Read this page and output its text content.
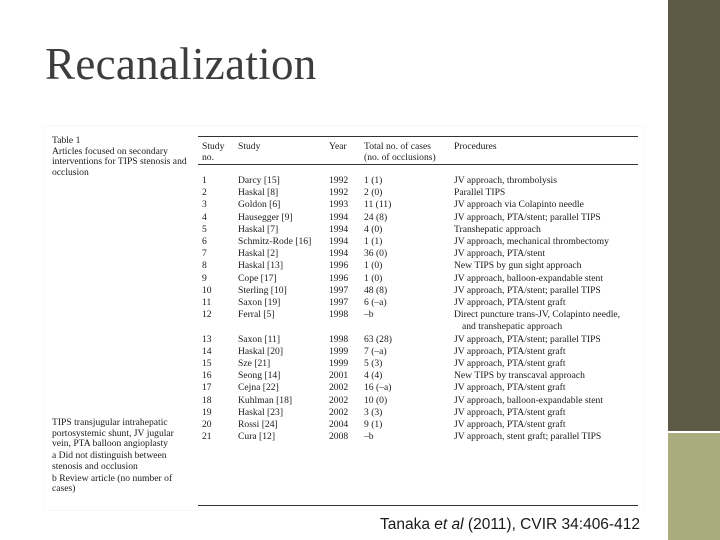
Recanalization
Table 1
Articles focused on secondary interventions for TIPS stenosis and occlusion
Study
no.
Study	Year Total no. of cases
(no. of occlusions)
Procedures
1	Darcy [15]	1992 1 (1)	JV approach, thrombolysis
2	Haskal [8]	1992 2 (0)	Parallel TIPS
3	Goldon [6]	1993 11 (11)	JV approach via Colapinto needle
4	Hausegger [9]	1994 24 (8)	JV approach, PTA/stent; parallel TIPS
5	Haskal [7]	1994 4 (0)	Transhepatic approach
6	Schmitz-Rode [16] 1994 1 (1)	JV approach, mechanical thrombectomy
7	Haskal [2]	1994 36 (0)	JV approach, PTA/stent
8	Haskal [13]	1996 1 (0)	New TIPS by gun sight approach
9	Cope [17]	1996 1 (0)	JV approach, balloon-expandable stent
10	Sterling [10]	1997 48 (8)	JV approach, PTA/stent; parallel TIPS
11	Saxon [19]	1997 6 (–a)	JV approach, PTA/stent graft
12	Ferral [5]	1998 –b	Direct puncture trans-JV, Colapinto needle,
and transhepatic approach
13	Saxon [11]	1998 63 (28)	JV approach, PTA/stent; parallel TIPS
14	Haskal [20]	1999 7 (–a)	JV approach, PTA/stent graft
15	Sze [21]	1999 5 (3)	JV approach, PTA/stent graft
16	Seong [14]	2001 4 (4)	New TIPS by transcaval approach
17	Cejna [22]	2002 16 (–a)	JV approach, PTA/stent graft
18	Kuhlman [18]	2002 10 (0)	JV approach, balloon-expandable stent
19	Haskal [23]	2002 3 (3)	JV approach, PTA/stent graft
20	Rossi [24]	2004 9 (1)	JV approach, PTA/stent graft
21	Cura [12]	2008 –b	JV approach, stent graft; parallel TIPS
TIPS transjugular intrahepatic portosystemic shunt, JV jugular vein, PTA balloon angioplasty
a Did not distinguish between stenosis and occlusion
b Review article (no number of cases)

Tanaka et al (2011), CVIR 34:406-412
